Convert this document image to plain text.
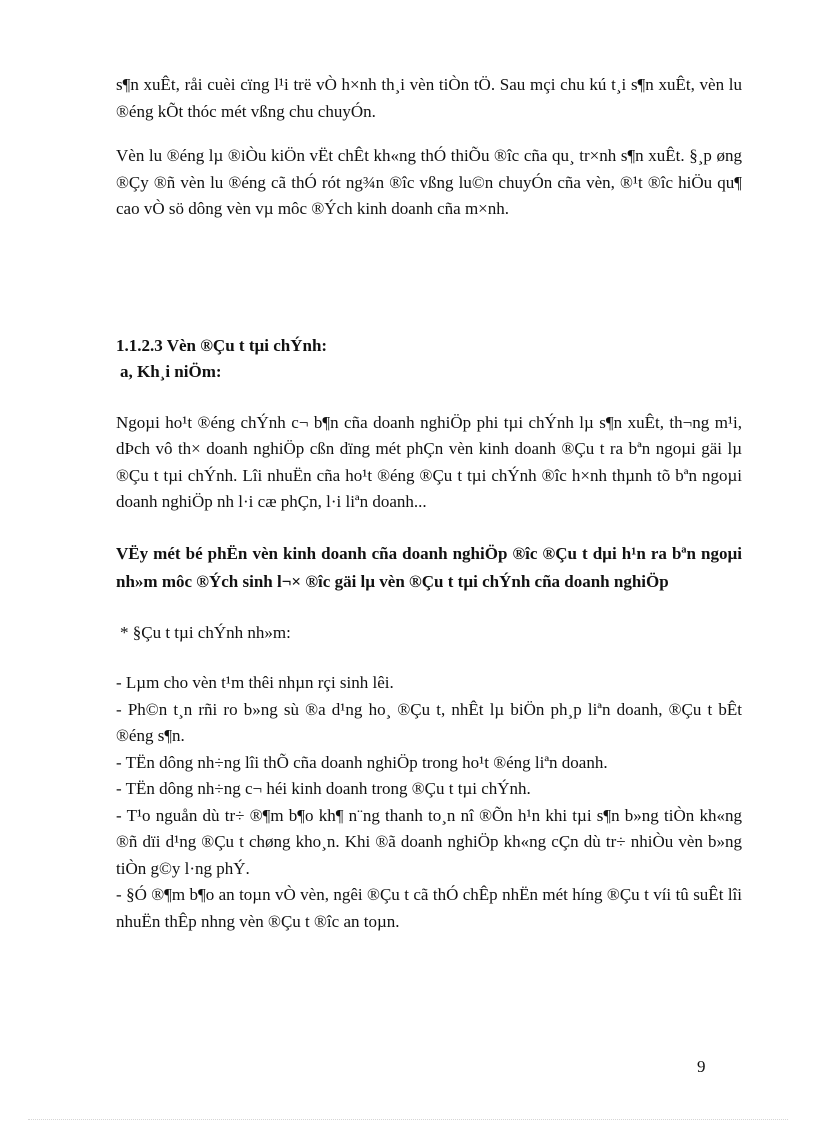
s¶n xuÊt, råi cuèi cïng l¹i trë vÒ h×nh th¸i vèn tiÒn tÖ. Sau mçi chu kú t¸i s¶n xuÊt, vèn lu ®éng kÕt thóc mét vßng chu chuyÓn.

Vèn lu ®éng lµ ®iÒu kiÖn vËt chÊt kh«ng thÓ thiÕu ®îc cña qu¸ tr×nh s¶n xuÊt. §¸p øng ®Çy ®ñ vèn lu ®éng cã thÓ rót ng¾n ®îc vßng lu©n chuyÓn cña vèn, ®¹t ®îc hiÖu qu¶ cao vÒ sö dông vèn vµ môc ®Ých kinh doanh cña m×nh.

1.1.2.3 Vèn ®Çu t tµi chÝnh:

a, Kh¸i niÖm:

Ngoµi ho¹t ®éng chÝnh c¬ b¶n cña doanh nghiÖp phi tµi chÝnh lµ s¶n xuÊt, th¬ng m¹i, dÞch vô th× doanh nghiÖp cßn dïng mét phÇn vèn kinh doanh ®Çu t ra bªn ngoµi gäi lµ ®Çu t tµi chÝnh. Lîi nhuËn cña ho¹t ®éng ®Çu t tµi chÝnh ®îc h×nh thµnh tõ bªn ngoµi doanh nghiÖp nh l·i cæ phÇn, l·i liªn doanh...

VËy mét bé phËn vèn kinh doanh cña doanh nghiÖp ®îc ®Çu t dµi h¹n ra bªn ngoµi nh»m môc ®Ých sinh l¬× ®îc gäi lµ vèn ®Çu t tµi chÝnh cña doanh nghiÖp

* §Çu t tµi chÝnh nh»m:

- Lµm cho vèn t¹m thêi nhµn rçi sinh lêi.
- Ph©n t¸n rñi ro b»ng sù ®a d¹ng ho¸ ®Çu t, nhÊt lµ biÖn ph¸p liªn doanh, ®Çu t bÊt ®éng s¶n.
- TËn dông nh÷ng lîi thÕ cña doanh nghiÖp trong ho¹t ®éng liªn doanh.
- TËn dông nh÷ng c¬ héi kinh doanh trong ®Çu t tµi chÝnh.
- T¹o nguån dù tr÷ ®¶m b¶o kh¶ n¨ng thanh to¸n nî ®Õn h¹n khi tµi s¶n b»ng tiÒn kh«ng ®ñ dïi d¹ng ®Çu t chøng kho¸n. Khi ®ã doanh nghiÖp kh«ng cÇn dù tr÷ nhiÒu vèn b»ng tiÒn g©y l·ng phÝ.
- §Ó ®¶m b¶o an toµn vÒ vèn, ngêi ®Çu t cã thÓ chÊp nhËn mét híng ®Çu t víi tû suÊt lîi nhuËn thÊp nhng vèn ®Çu t ®îc an toµn.
9
